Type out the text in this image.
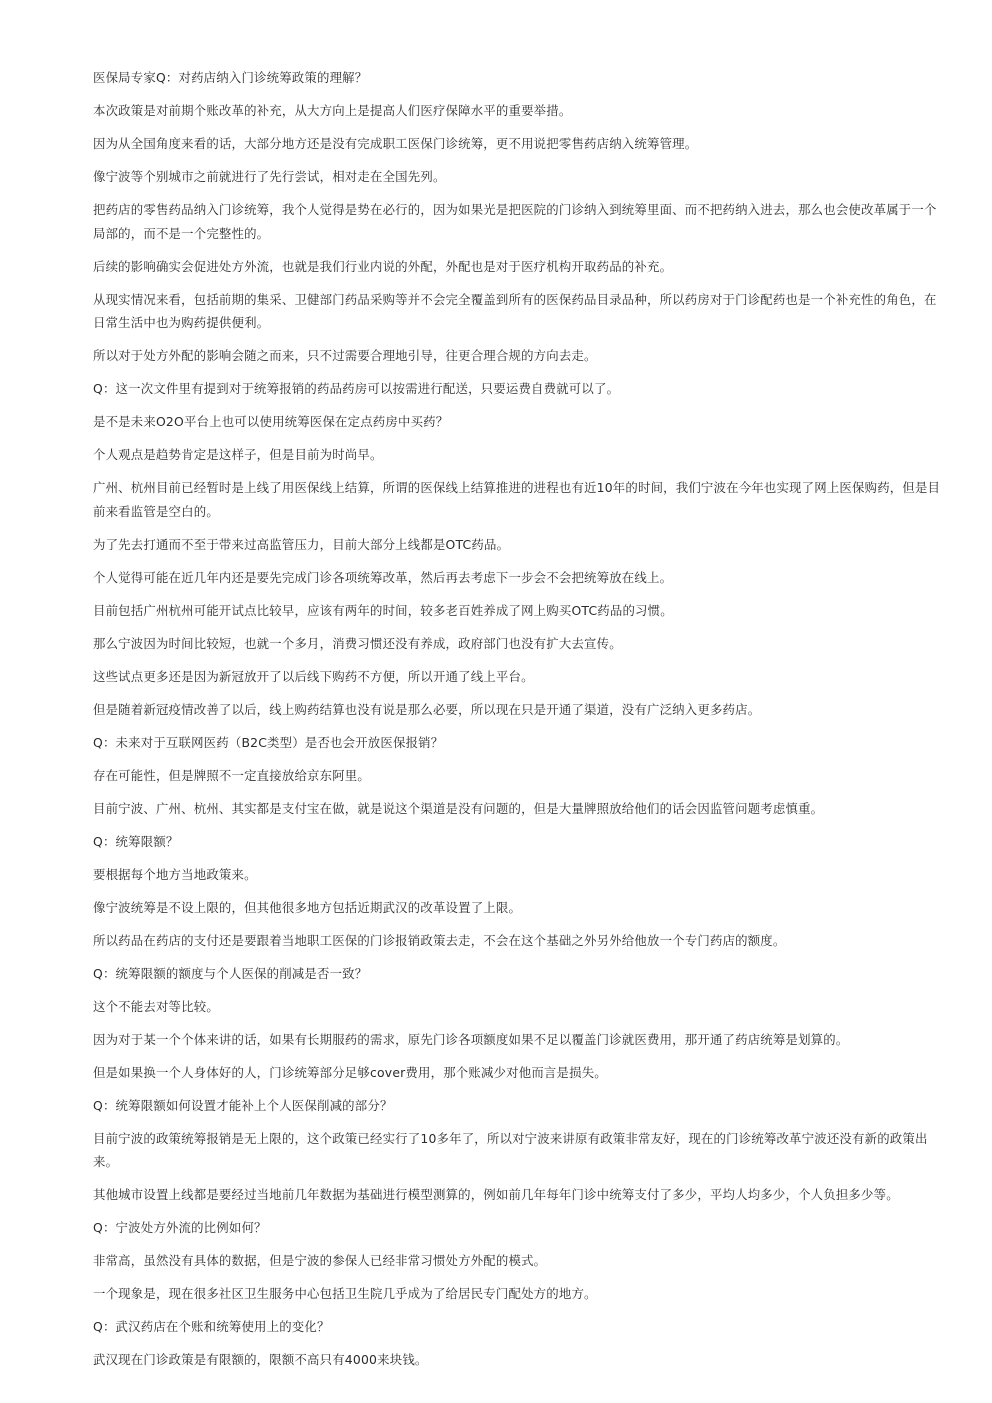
医保局专家Q：对药店纳入门诊统筹政策的理解？

本次政策是对前期个账改革的补充，从大方向上是提高人们医疗保障水平的重要举措。

因为从全国角度来看的话，大部分地方还是没有完成职工医保门诊统筹，更不用说把零售药店纳入统筹管理。

像宁波等个别城市之前就进行了先行尝试，相对走在全国先列。

把药店的零售药品纳入门诊统筹，我个人觉得是势在必行的，因为如果光是把医院的门诊纳入到统筹里面、而不把药纳入进去，那么也会使改革属于一个局部的，而不是一个完整性的。

后续的影响确实会促进处方外流，也就是我们行业内说的外配，外配也是对于医疗机构开取药品的补充。

从现实情况来看，包括前期的集采、卫健部门药品采购等并不会完全覆盖到所有的医保药品目录品种，所以药房对于门诊配药也是一个补充性的角色，在日常生活中也为购药提供便利。

所以对于处方外配的影响会随之而来，只不过需要合理地引导，往更合理合规的方向去走。

Q：这一次文件里有提到对于统筹报销的药品药房可以按需进行配送，只要运费自费就可以了。

是不是未来O2O平台上也可以使用统筹医保在定点药房中买药？

个人观点是趋势肯定是这样子，但是目前为时尚早。

广州、杭州目前已经暂时是上线了用医保线上结算，所谓的医保线上结算推进的进程也有近10年的时间，我们宁波在今年也实现了网上医保购药，但是目前来看监管是空白的。

为了先去打通而不至于带来过高监管压力，目前大部分上线都是OTC药品。

个人觉得可能在近几年内还是要先完成门诊各项统筹改革，然后再去考虑下一步会不会把统筹放在线上。

目前包括广州杭州可能开试点比较早，应该有两年的时间，较多老百姓养成了网上购买OTC药品的习惯。

那么宁波因为时间比较短，也就一个多月，消费习惯还没有养成，政府部门也没有扩大去宣传。

这些试点更多还是因为新冠放开了以后线下购药不方便，所以开通了线上平台。

但是随着新冠疫情改善了以后，线上购药结算也没有说是那么必要，所以现在只是开通了渠道，没有广泛纳入更多药店。

Q：未来对于互联网医药（B2C类型）是否也会开放医保报销？

存在可能性，但是牌照不一定直接放给京东阿里。

目前宁波、广州、杭州、其实都是支付宝在做，就是说这个渠道是没有问题的，但是大量牌照放给他们的话会因监管问题考虑慎重。

Q：统筹限额？

要根据每个地方当地政策来。

像宁波统筹是不设上限的，但其他很多地方包括近期武汉的改革设置了上限。

所以药品在药店的支付还是要跟着当地职工医保的门诊报销政策去走，不会在这个基础之外另外给他放一个专门药店的额度。

Q：统筹限额的额度与个人医保的削减是否一致？

这个不能去对等比较。

因为对于某一个个体来讲的话，如果有长期服药的需求，原先门诊各项额度如果不足以覆盖门诊就医费用，那开通了药店统筹是划算的。

但是如果换一个人身体好的人，门诊统筹部分足够cover费用，那个账减少对他而言是损失。

Q：统筹限额如何设置才能补上个人医保削减的部分？

目前宁波的政策统筹报销是无上限的，这个政策已经实行了10多年了，所以对宁波来讲原有政策非常友好，现在的门诊统筹改革宁波还没有新的政策出来。

其他城市设置上线都是要经过当地前几年数据为基础进行模型测算的，例如前几年每年门诊中统筹支付了多少，平均人均多少，个人负担多少等。

Q：宁波处方外流的比例如何？

非常高，虽然没有具体的数据，但是宁波的参保人已经非常习惯处方外配的模式。

一个现象是，现在很多社区卫生服务中心包括卫生院几乎成为了给居民专门配处方的地方。

Q：武汉药店在个账和统筹使用上的变化？

武汉现在门诊政策是有限额的，限额不高只有4000来块钱。
